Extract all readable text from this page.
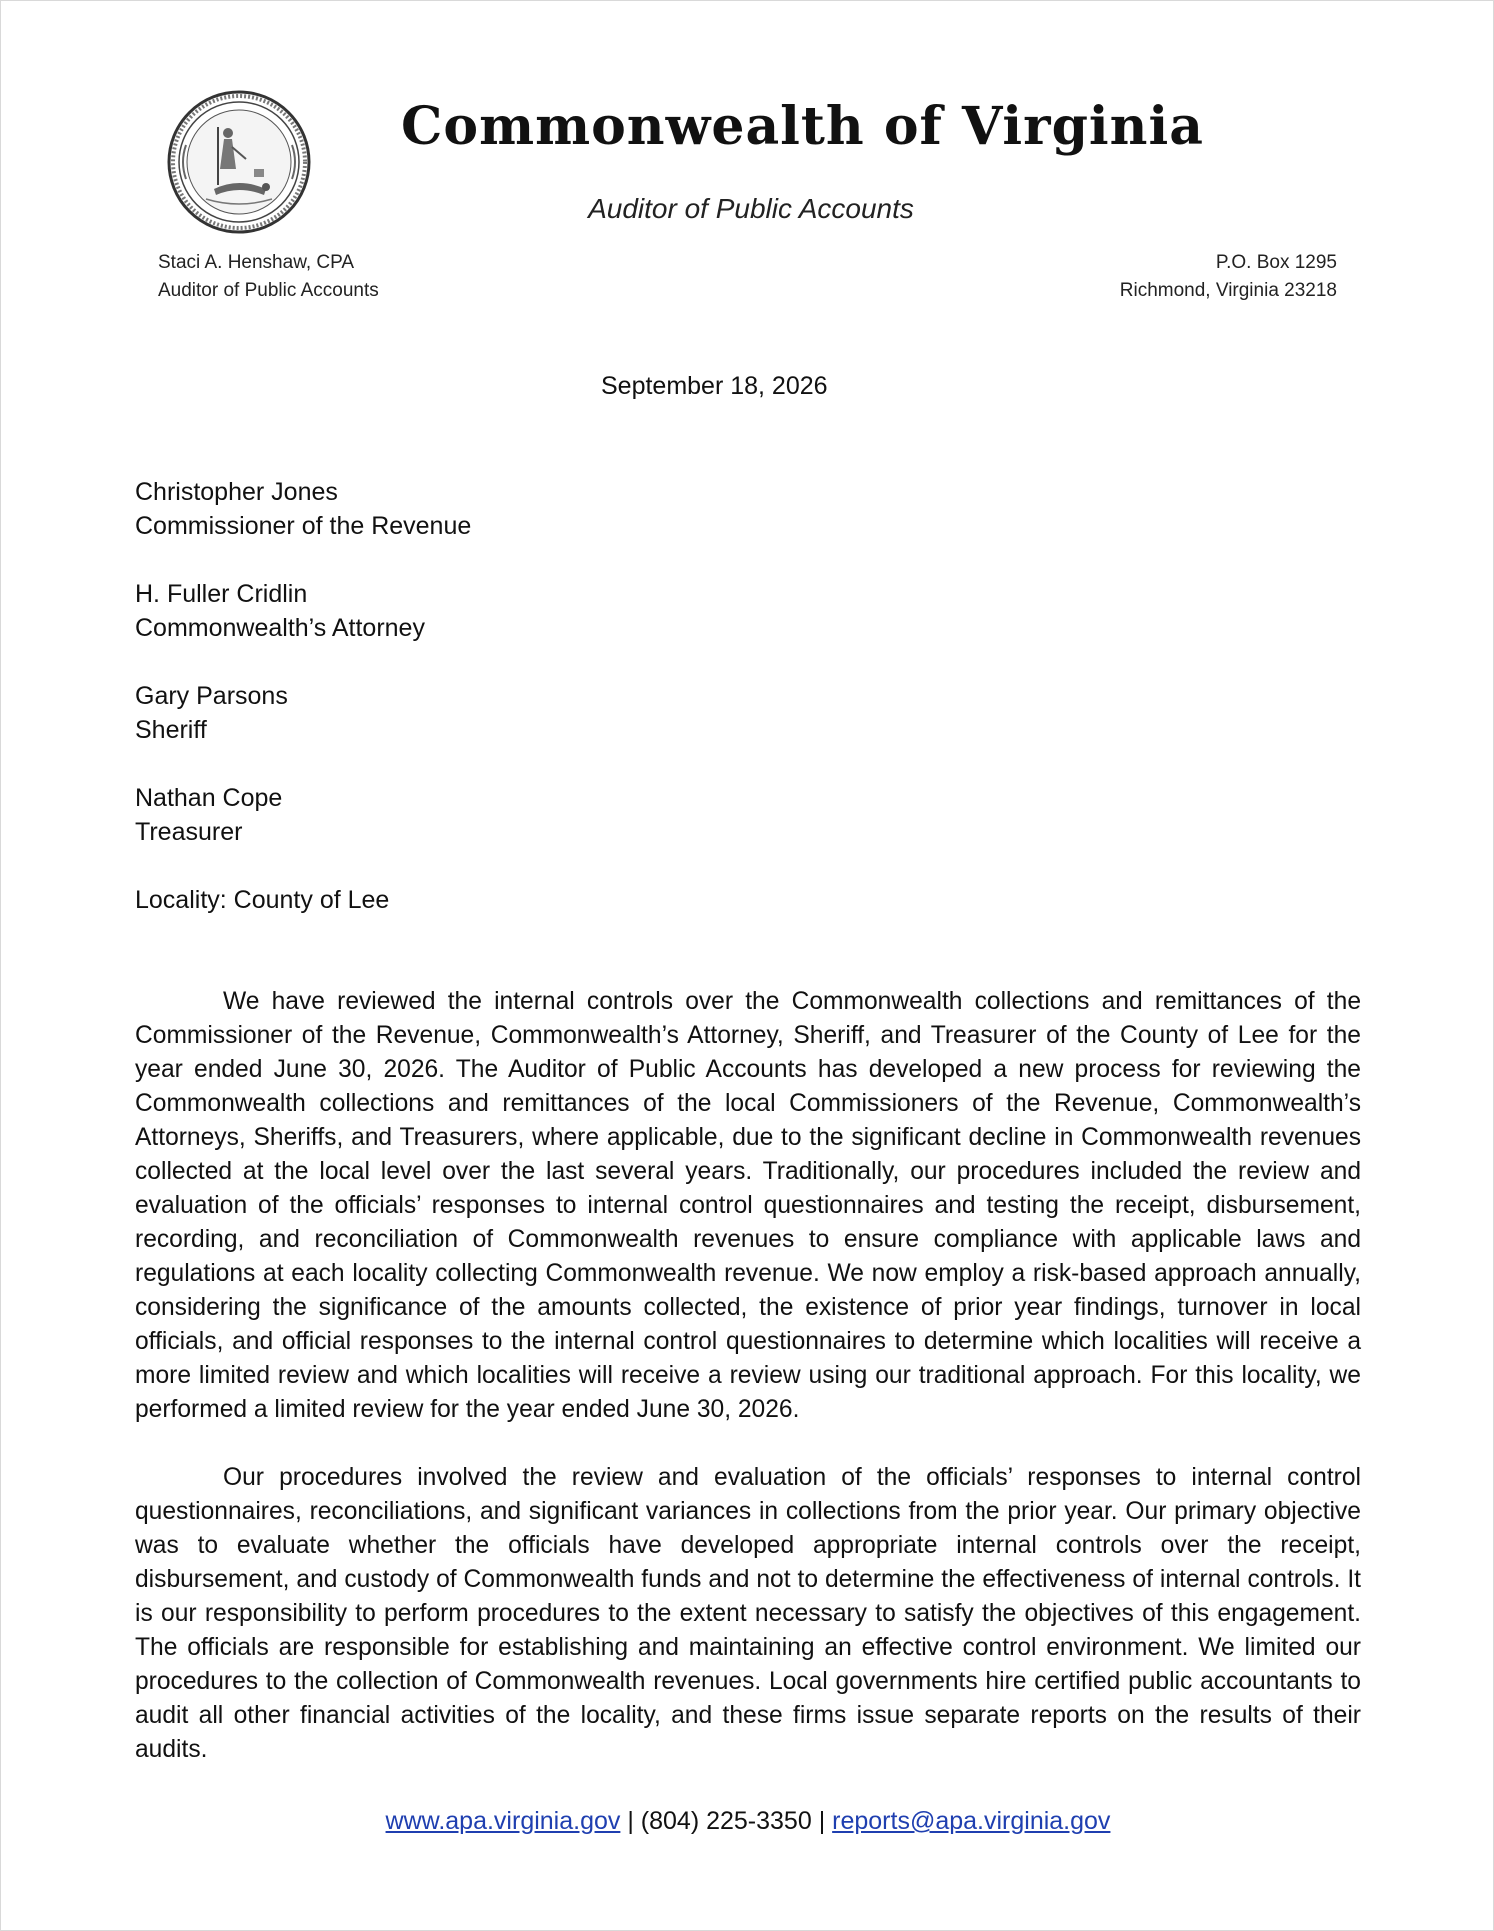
Commonwealth of Virginia
Auditor of Public Accounts
Staci A. Henshaw, CPA
Auditor of Public Accounts
P.O. Box 1295
Richmond, Virginia 23218
September 18, 2026
Christopher Jones
Commissioner of the Revenue
H. Fuller Cridlin
Commonwealth’s Attorney
Gary Parsons
Sheriff
Nathan Cope
Treasurer
Locality: County of Lee

We have reviewed the internal controls over the Commonwealth collections and remittances of the Commissioner of the Revenue, Commonwealth’s Attorney, Sheriff, and Treasurer of the County of Lee for the year ended June 30, 2026. The Auditor of Public Accounts has developed a new process for reviewing the Commonwealth collections and remittances of the local Commissioners of the Revenue, Commonwealth’s Attorneys, Sheriffs, and Treasurers, where applicable, due to the significant decline in Commonwealth revenues collected at the local level over the last several years. Traditionally, our procedures included the review and evaluation of the officials’ responses to internal control questionnaires and testing the receipt, disbursement, recording, and reconciliation of Commonwealth revenues to ensure compliance with applicable laws and regulations at each locality collecting Commonwealth revenue. We now employ a risk-based approach annually, considering the significance of the amounts collected, the existence of prior year findings, turnover in local officials, and official responses to the internal control questionnaires to determine which localities will receive a more limited review and which localities will receive a review using our traditional approach. For this locality, we performed a limited review for the year ended June 30, 2026.

Our procedures involved the review and evaluation of the officials’ responses to internal control questionnaires, reconciliations, and significant variances in collections from the prior year. Our primary objective was to evaluate whether the officials have developed appropriate internal controls over the receipt, disbursement, and custody of Commonwealth funds and not to determine the effectiveness of internal controls. It is our responsibility to perform procedures to the extent necessary to satisfy the objectives of this engagement. The officials are responsible for establishing and maintaining an effective control environment. We limited our procedures to the collection of Commonwealth revenues. Local governments hire certified public accountants to audit all other financial activities of the locality, and these firms issue separate reports on the results of their audits.

www.apa.virginia.gov | (804) 225-3350 | reports@apa.virginia.gov
